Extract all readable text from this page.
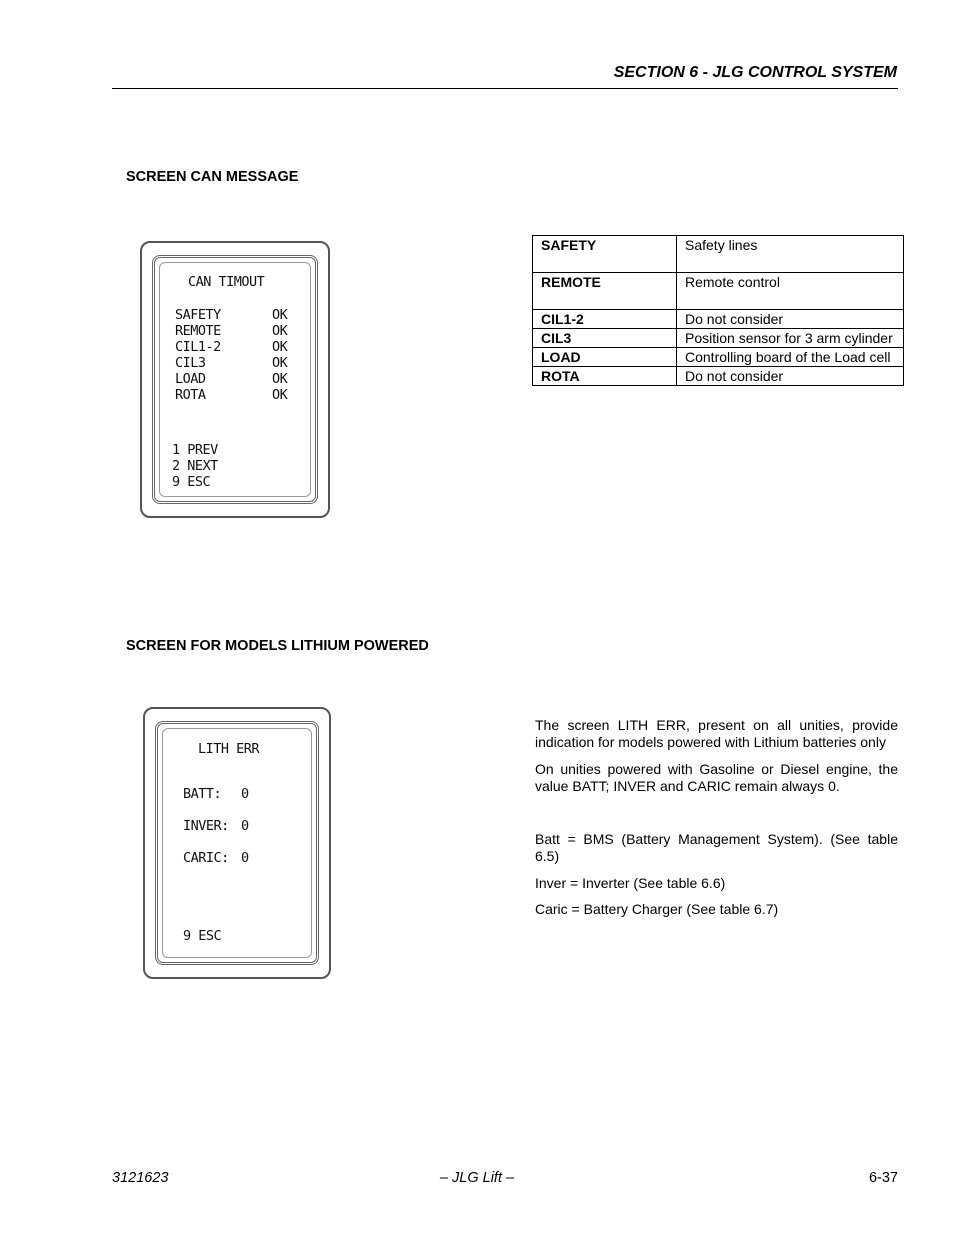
SECTION 6 - JLG CONTROL SYSTEM
SCREEN CAN MESSAGE
CAN TIMOUT
SAFETY	OK
REMOTE	OK
CIL1-2	OK
CIL3	OK
LOAD	OK
ROTA	OK
1 PREV
2 NEXT
9 ESC
SAFETY	Safety lines
REMOTE	Remote control
CIL1-2	Do not consider
CIL3	Position sensor for 3 arm cylinder
LOAD	Controlling board of the Load cell
ROTA	Do not consider
SCREEN FOR MODELS LITHIUM POWERED
LITH ERR
BATT: 0
INVER: 0
CARIC: 0
9 ESC
The screen LITH ERR, present on all unities, provide indication for models powered with Lithium batteries only
On unities powered with Gasoline or Diesel engine, the value BATT; INVER and CARIC remain always 0.
Batt = BMS (Battery Management System). (See table 6.5)
Inver = Inverter (See table 6.6)
Caric = Battery Charger (See table 6.7)
3121623	– JLG Lift –	6-37
